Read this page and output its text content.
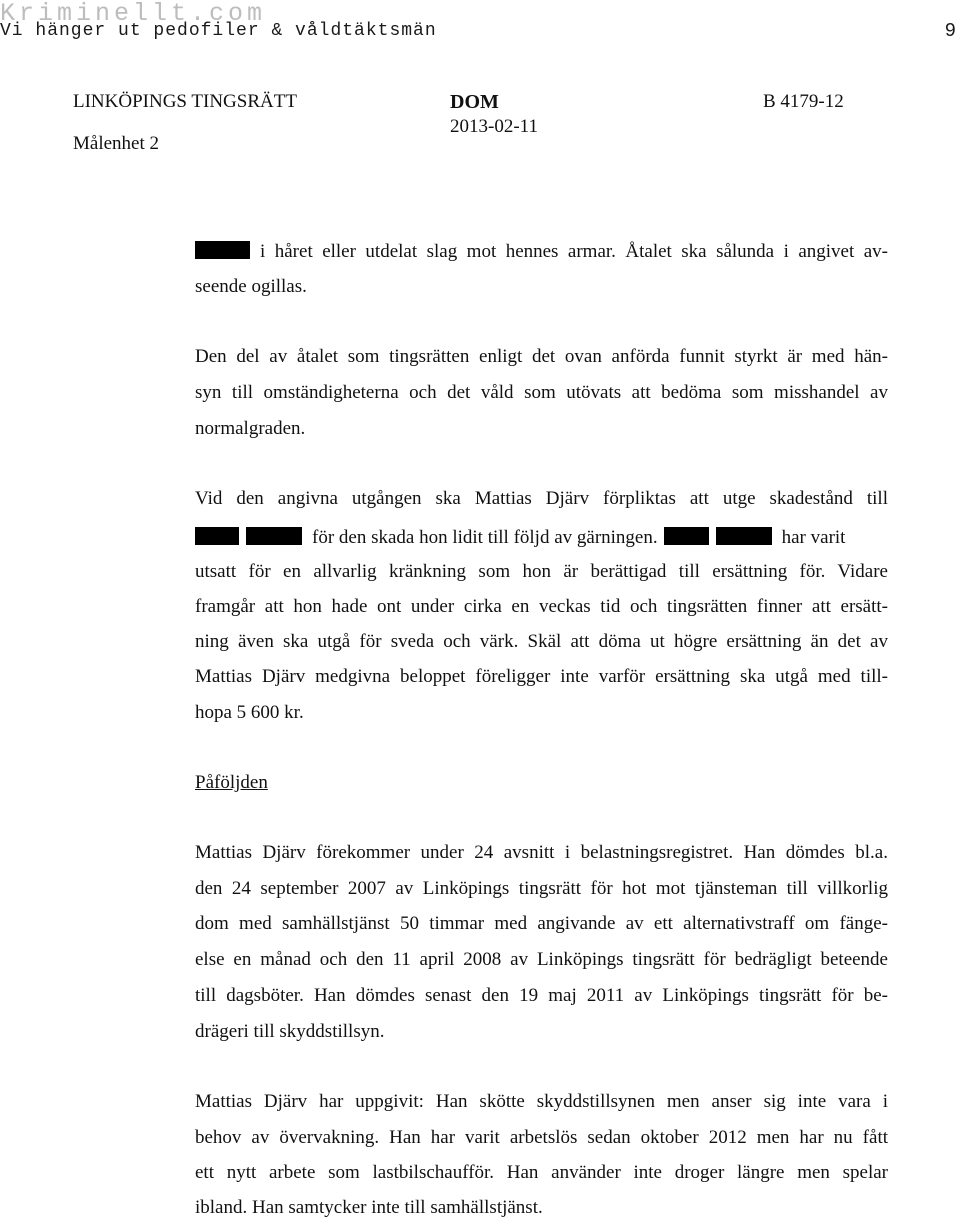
Kriminellt.com
Vi hänger ut pedofiler & våldtäktsmän	9
LINKÖPINGS TINGSRÄTT
Målenhet 2
DOM
2013-02-11
B 4179-12
i håret eller utdelat slag mot hennes armar. Åtalet ska sålunda i angivet av-
seende ogillas.
Den del av åtalet som tingsrätten enligt det ovan anförda funnit styrkt är med hän-
syn till omständigheterna och det våld som utövats att bedöma som misshandel av
normalgraden.
Vid den angivna utgången ska Mattias Djärv förpliktas att utge skadestånd till
för den skada hon lidit till följd av gärningen.	har varit
utsatt för en allvarlig kränkning som hon är berättigad till ersättning för. Vidare
framgår att hon hade ont under cirka en veckas tid och tingsrätten finner att ersätt-
ning även ska utgå för sveda och värk. Skäl att döma ut högre ersättning än det av
Mattias Djärv medgivna beloppet föreligger inte varför ersättning ska utgå med till-
hopa 5 600 kr.
Påföljden
Mattias Djärv förekommer under 24 avsnitt i belastningsregistret. Han dömdes bl.a.
den 24 september 2007 av Linköpings tingsrätt för hot mot tjänsteman till villkorlig
dom med samhällstjänst 50 timmar med angivande av ett alternativstraff om fänge-
else en månad och den 11 april 2008 av Linköpings tingsrätt för bedrägligt beteende
till dagsböter. Han dömdes senast den 19 maj 2011 av Linköpings tingsrätt för be-
drägeri till skyddstillsyn.
Mattias Djärv har uppgivit: Han skötte skyddstillsynen men anser sig inte vara i
behov av övervakning. Han har varit arbetslös sedan oktober 2012 men har nu fått
ett nytt arbete som lastbilschaufför. Han använder inte droger längre men spelar
ibland. Han samtycker inte till samhällstjänst.
